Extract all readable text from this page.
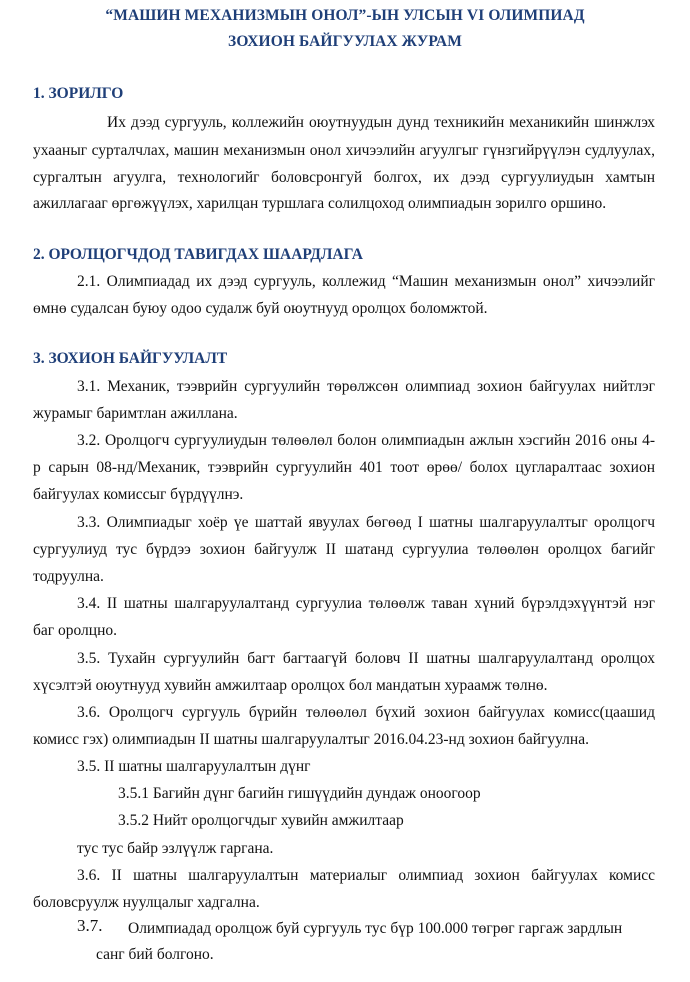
“МАШИН МЕХАНИЗМЫН ОНОЛ”-ЫН УЛСЫН VI ОЛИМПИАД
ЗОХИОН БАЙГУУЛАХ ЖУРАМ
1. ЗОРИЛГО
Их дээд сургууль, коллежийн оюутнуудын дунд техникийн механикийн шинжлэх
ухааныг сурталчлах, машин механизмын онол хичээлийн агуулгыг гүнзгийрүүлэн судлуулах,
сургалтын агуулга, технологийг боловсронгуй болгох, их дээд сургуулиудын хамтын
ажиллагааг өргөжүүлэх, харилцан туршлага солилцоход олимпиадын зорилго оршино.
2. ОРОЛЦОГЧДОД ТАВИГДАХ ШААРДЛАГА
2.1. Олимпиадад их дээд сургууль, коллежид “Машин механизмын онол” хичээлийг
өмнө судалсан буюу одоо судалж буй оюутнууд оролцох боломжтой.
3. ЗОХИОН БАЙГУУЛАЛТ
3.1. Механик, тээврийн сургуулийн төрөлжсөн олимпиад зохион байгуулах нийтлэг
журамыг баримтлан ажиллана.
3.2. Оролцогч сургуулиудын төлөөлөл болон олимпиадын ажлын хэсгийн 2016 оны 4-
р сарын 08-нд/Механик, тээврийн сургуулийн 401 тоот өрөө/ болох цугларалтаас зохион
байгуулах комиссыг бүрдүүлнэ.
3.3. Олимпиадыг хоёр үе шаттай явуулах бөгөөд I шатны шалгаруулалтыг оролцогч
сургуулиуд тус бүрдээ зохион байгуулж II шатанд сургуулиа төлөөлөн оролцох багийг
тодруулна.
3.4. II шатны шалгаруулалтанд сургуулиа төлөөлж таван хүний бүрэлдэхүүнтэй нэг
баг оролцно.
3.5. Тухайн сургуулийн багт багтаагүй боловч II шатны шалгаруулалтанд оролцох
хүсэлтэй оюутнууд хувийн амжилтаар оролцох бол мандатын хураамж төлнө.
3.6. Оролцогч сургууль бүрийн төлөөлөл бүхий зохион байгуулах комисс(цаашид
комисс гэх) олимпиадын II шатны шалгаруулалтыг 2016.04.23-нд зохион байгуулна.
3.5. II шатны шалгаруулалтын дүнг
3.5.1 Багийн дүнг багийн гишүүдийн дундаж оноогоор
3.5.2 Нийт оролцогчдыг хувийн амжилтаар
тус тус байр эзлүүлж гаргана.
3.6. II шатны шалгаруулалтын материалыг олимпиад зохион байгуулах комисс
боловсруулж нуулцалыг хадгална.
3.7. Олимпиадад оролцож буй сургууль тус бүр 100.000 төгрөг гаргаж зардлын
санг бий болгоно.
